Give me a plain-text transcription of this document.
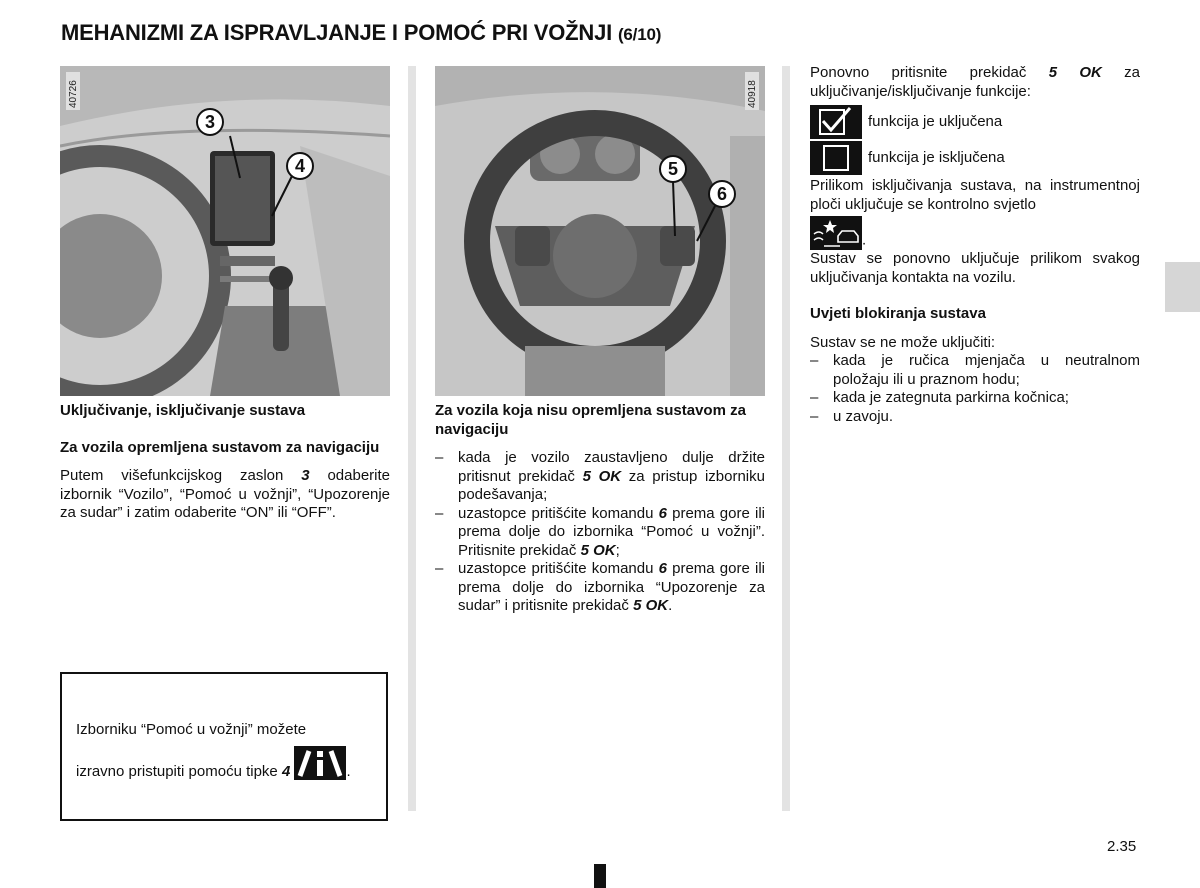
MEHANIZMI ZA ISPRAVLJANJE I POMOĆ PRI VOŽNJI (6/10)
40726
3
4
40918
5
6

Uključivanje, isključivanje sustava

Za vozila opremljena sustavom za navigaciju

Putem višefunkcijskog zaslon 3 odaberite izbornik “Vozilo”, “Pomoć u vožnji”, “Upozorenje za sudar” i zatim odaberite “ON” ili “OFF”.

Izborniku “Pomoć u vožnji” možete
izravno pristupiti pomoću tipke 4	.

Za vozila koja nisu opremljena sustavom za navigaciju

– kada je vozilo zaustavljeno dulje držite pritisnut prekidač 5 OK za pristup izborniku podešavanja;
– uzastopce pritišćite komandu 6 prema gore ili prema dolje do izbornika “Pomoć u vožnji”. Pritisnite prekidač 5 OK;
– uzastopce pritišćite komandu 6 prema gore ili prema dolje do izbornika “Upozorenje za sudar” i pritisnite prekidač 5 OK.

Ponovno pritisnite prekidač 5 OK za uključivanje/isključivanje funkcije:

funkcija je uključena
funkcija je isključena

Prilikom isključivanja sustava, na instrumentnoj ploči uključuje se kontrolno svjetlo

.

Sustav se ponovno uključuje prilikom svakog uključivanja kontakta na vozilu.

Uvjeti blokiranja sustava

Sustav se ne može uključiti:

– kada je ručica mjenjača u neutralnom položaju ili u praznom hodu;
– kada je zategnuta parkirna kočnica;
– u zavoju.
2.35
